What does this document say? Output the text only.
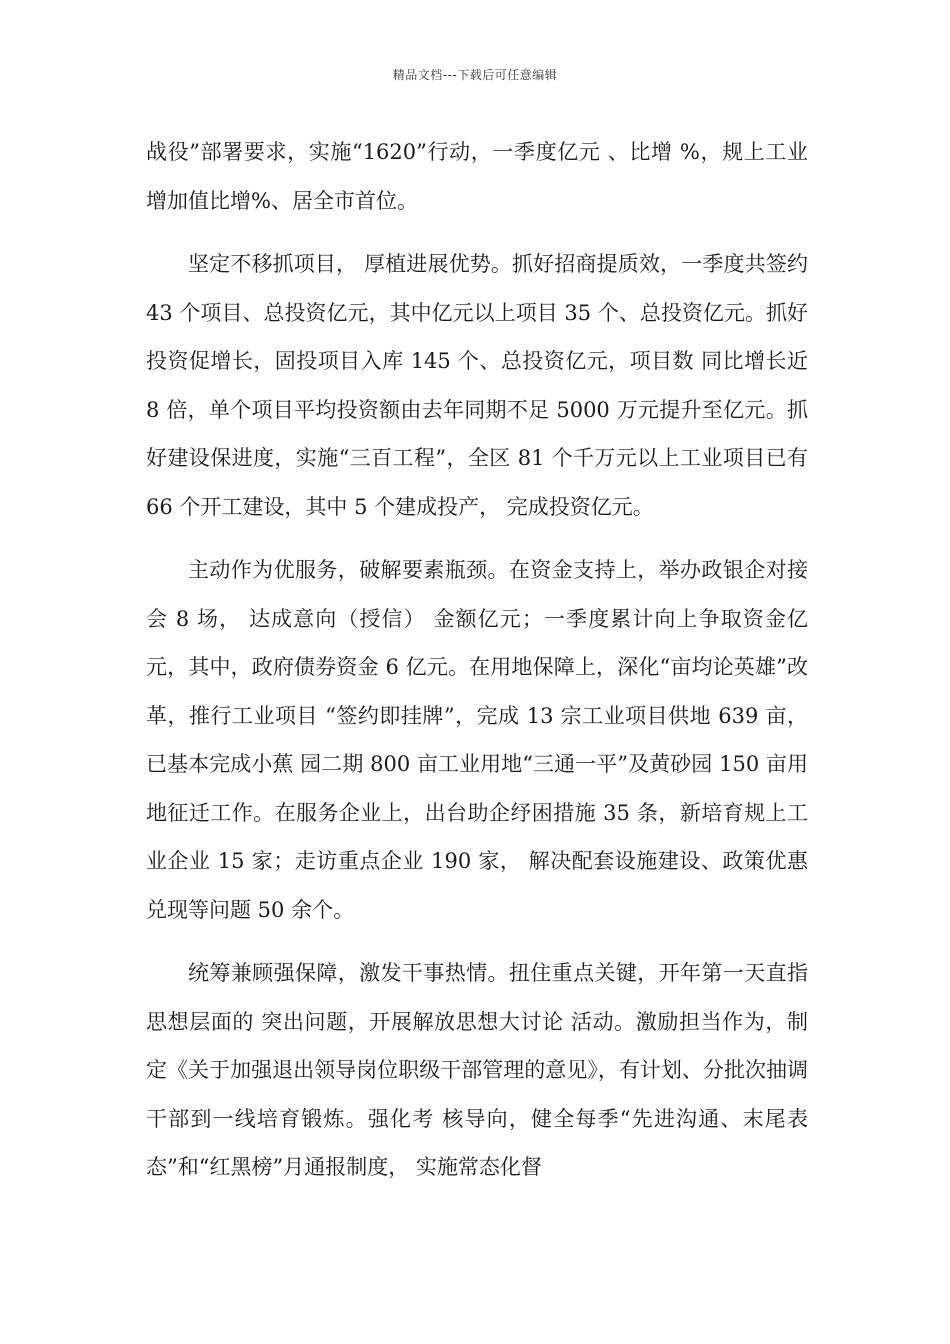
精品文档---下载后可任意编辑

战役”部署要求，实施“1620”行动，一季度亿元 、比增 %，规上工业增加值比增%、居全市首位。

坚定不移抓项目， 厚植进展优势。抓好招商提质效，一季度共签约 43 个项目、总投资亿元，其中亿元以上项目 35 个、总投资亿元。抓好投资促增长，固投项目入库 145 个、总投资亿元，项目数 同比增长近 8 倍，单个项目平均投资额由去年同期不足 5000 万元提升至亿元。抓好建设保进度，实施“三百工程”，全区 81 个千万元以上工业项目已有 66 个开工建设，其中 5 个建成投产， 完成投资亿元。

主动作为优服务，破解要素瓶颈。在资金支持上，举办政银企对接会 8 场， 达成意向（授信） 金额亿元；一季度累计向上争取资金亿元，其中，政府债券资金 6 亿元。在用地保障上，深化“亩均论英雄”改革，推行工业项目 “签约即挂牌”，完成 13 宗工业项目供地 639 亩，已基本完成小蕉 园二期 800 亩工业用地“三通一平”及黄砂园 150 亩用地征迁工作。在服务企业上，出台助企纾困措施 35 条，新培育规上工业企业 15 家；走访重点企业 190 家， 解决配套设施建设、政策优惠兑现等问题 50 余个。

统筹兼顾强保障，激发干事热情。扭住重点关键，开年第一天直指思想层面的 突出问题，开展解放思想大讨论 活动。激励担当作为，制定《关于加强退出领导岗位职级干部管理的意见》，有计划、分批次抽调干部到一线培育锻炼。强化考 核导向，健全每季“先进沟通、末尾表态”和“红黑榜”月通报制度， 实施常态化督
